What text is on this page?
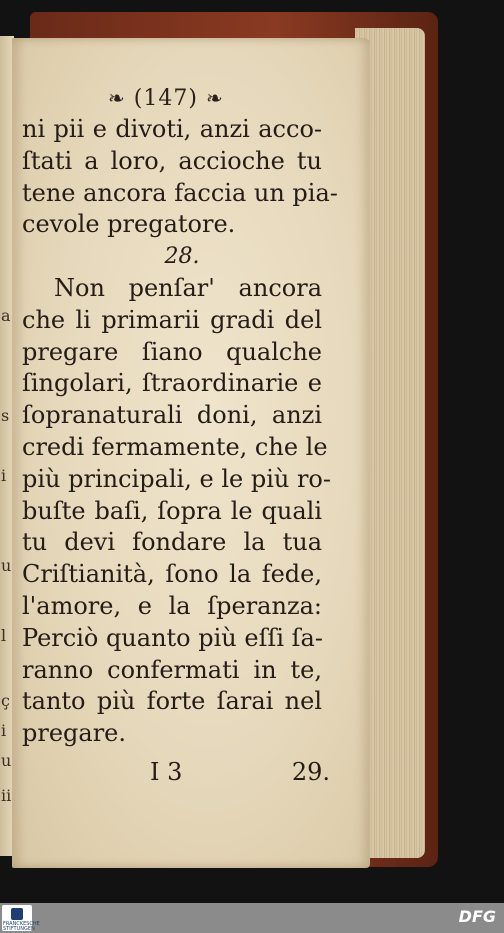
a
s
i
u
l
ç
i
u
ii
❧ (147) ❧
ni pii e divoti, anzi acco-
ſtati a loro, accioche tu
tene ancora faccia un pia-
cevole pregatore.
28.
Non penſar' ancora
che li primarii gradi del
pregare ſiano qualche
ſingolari, ſtraordinarie e
ſopranaturali doni, anzi
credi fermamente, che le
più principali, e le più ro-
buſte baſi, ſopra le quali
tu devi fondare la tua
Criſtianità, ſono la fede,
l'amore, e la ſperanza:
Perciò quanto più eſſi ſa-
ranno confermati in te,
tanto più forte ſarai nel
pregare.
I 3	29.
FRANCKESCHE STIFTUNGEN
DFG
